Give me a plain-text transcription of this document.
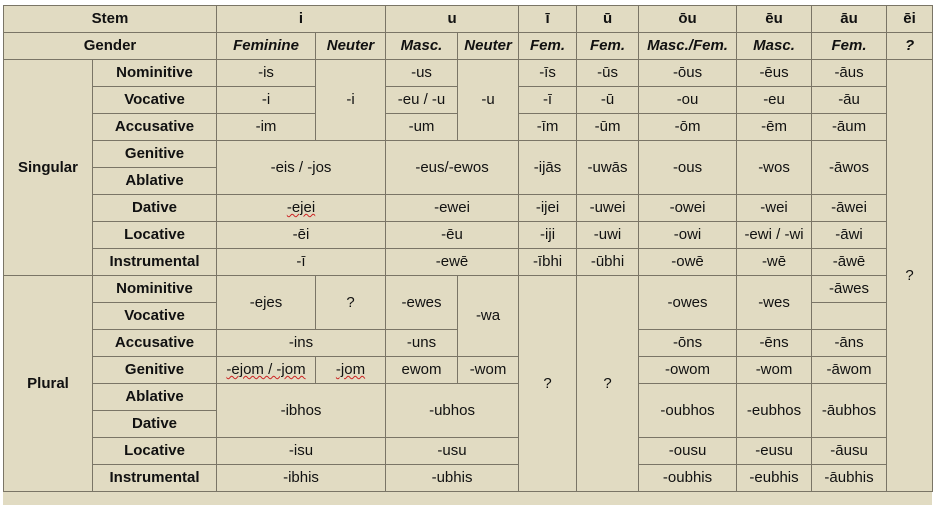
Stem		i		u		ī	ū	ōu	ēu	āu	ēi
Gender		Feminine	Neuter	Masc.	Neuter	Fem.	Fem.	Masc./Fem.	Masc.	Fem.	?
Singular	Nominitive	-is	-i	-us	-u	-īs	-ūs	-ōus	-ēus	-āus	?
	Vocative	-i		-eu / -u		-ī	-ū	-ou	-eu	-āu	
	Accusative	-im		-um		-īm	-ūm	-ōm	-ēm	-āum	
	Genitive	-eis / -jos		-eus/-ewos		-ijās	-uwās	-ous	-wos	-āwos	
	Ablative										
	Dative	-ejei		-ewei		-ijei	-uwei	-owei	-wei	-āwei	
	Locative	-ēi		-ēu		-iji	-uwi	-owi	-ewi / -wi	-āwi	
	Instrumental	-ī		-ewē		-ībhi	-ūbhi	-owē	-wē	-āwē	
Plural	Nominitive	-ejes	?	-ewes	-wa	?	?	-owes	-wes	-āwes	
	Vocative										
	Accusative	-ins		-uns				-ōns	-ēns	-āns	
	Genitive	-ejom / -jom	-jom	ewom	-wom			-owom	-wom	-āwom	
	Ablative	-ibhos		-ubhos				-oubhos	-eubhos	-āubhos	
	Dative										
	Locative	-isu		-usu				-ousu	-eusu	-āusu	
	Instrumental	-ibhis		-ubhis				-oubhis	-eubhis	-āubhis	
